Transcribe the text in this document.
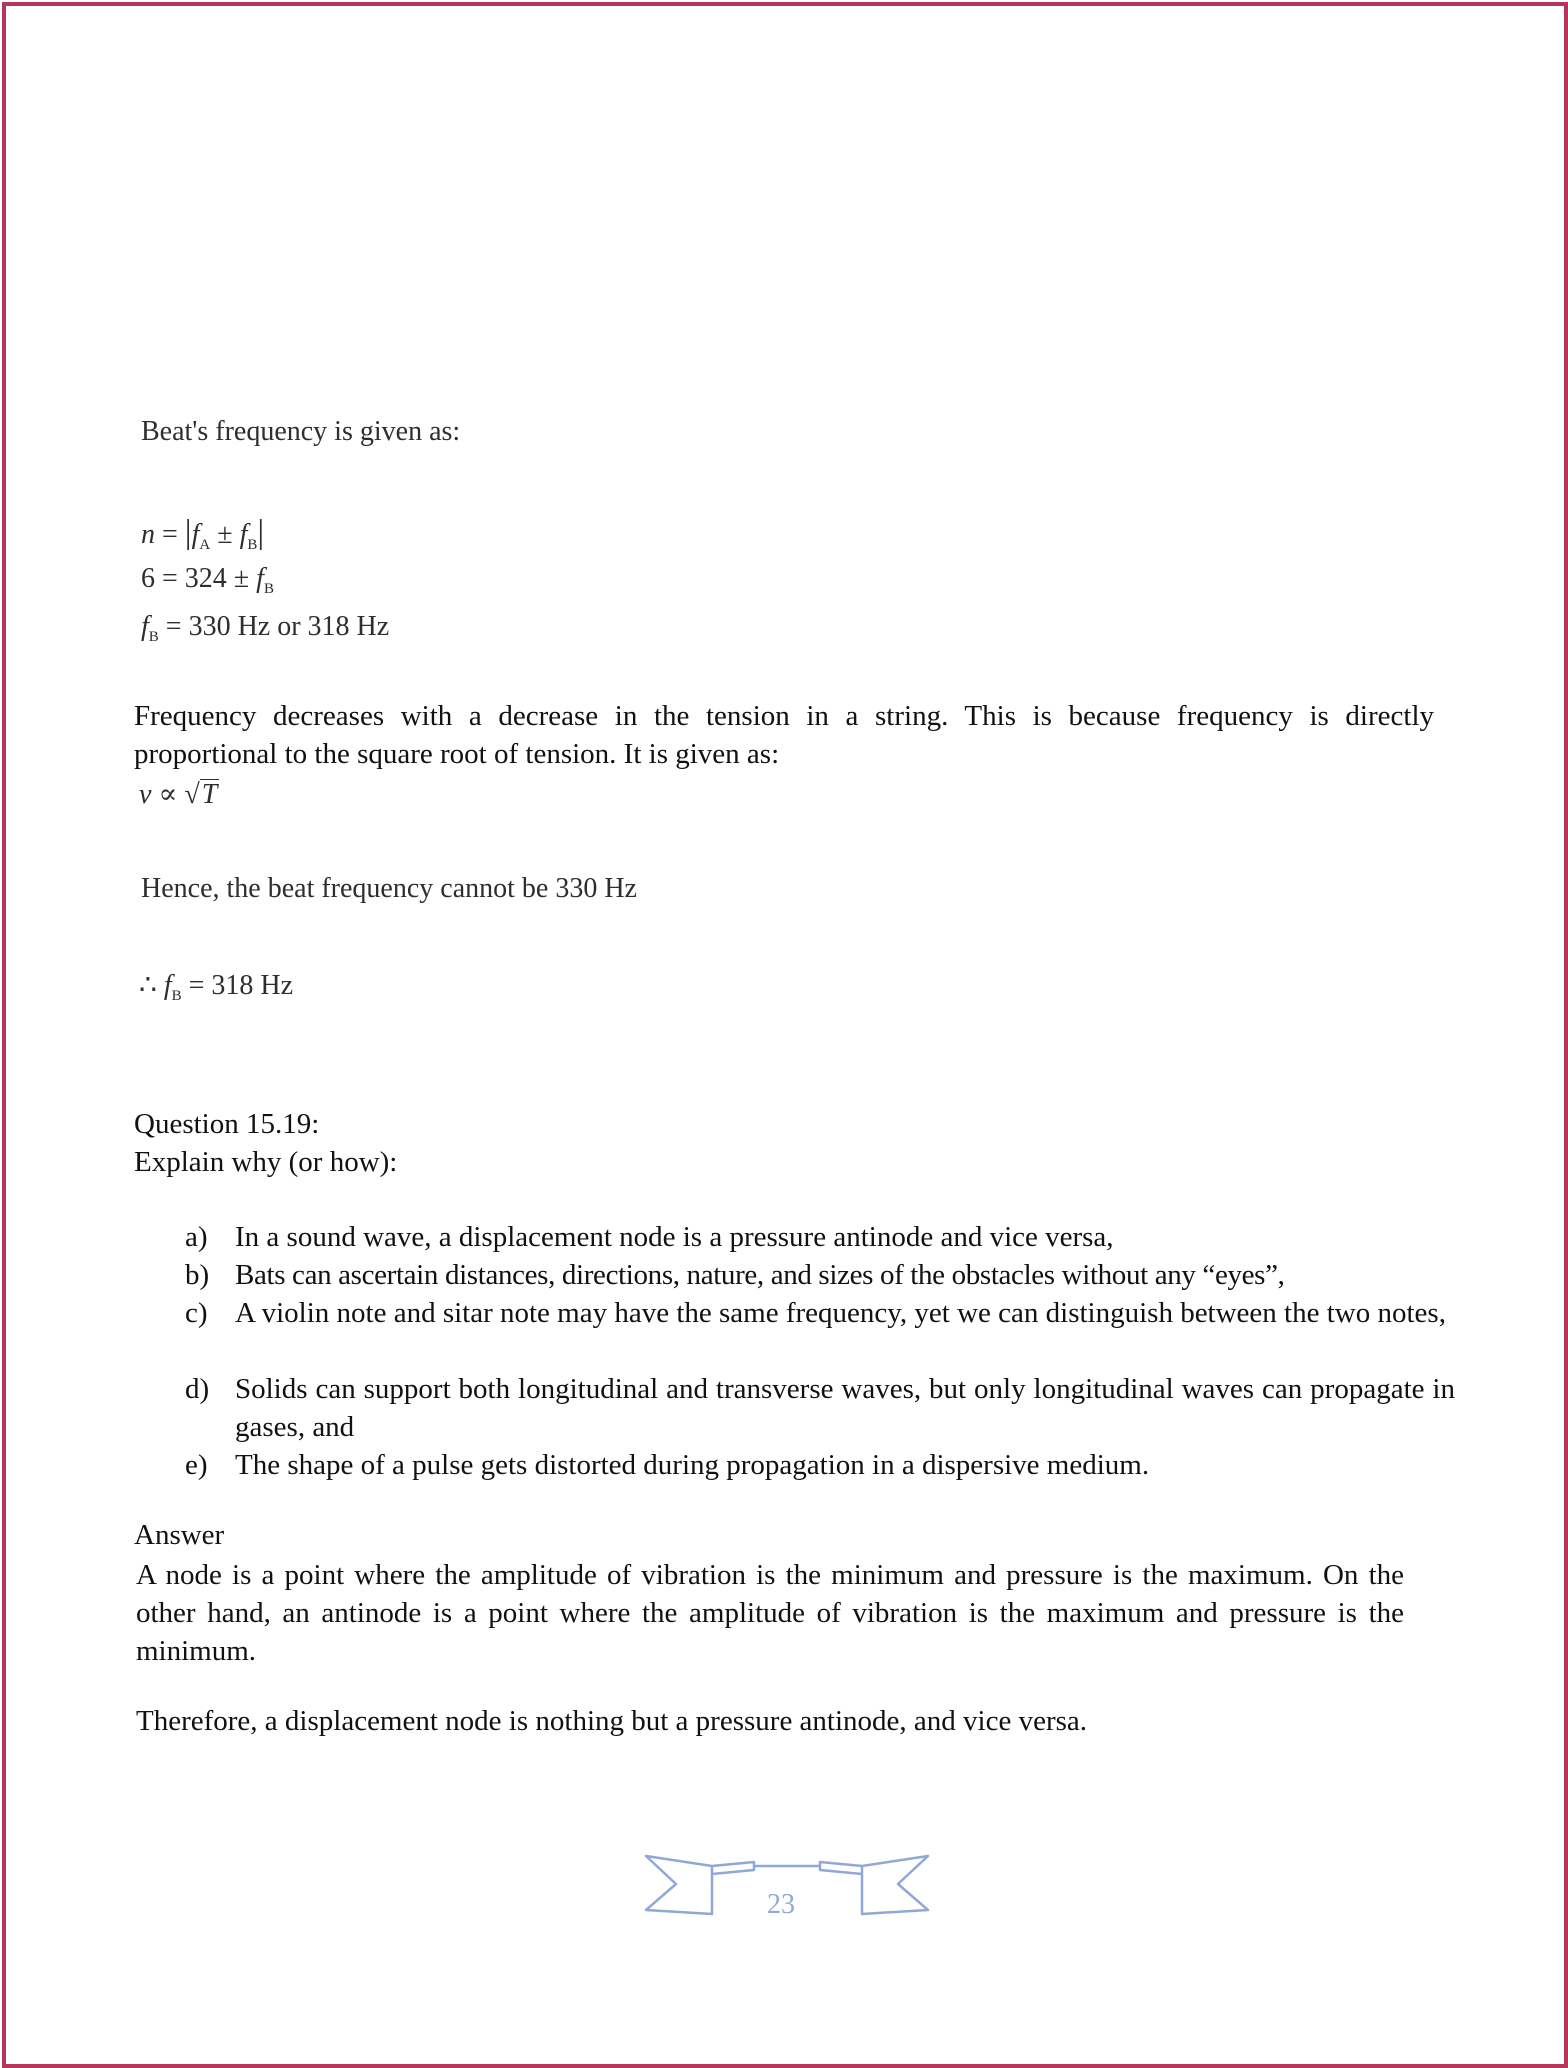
Beat's frequency is given as:
$n = |f_A \pm f_B|$
$6 = 324 \pm f_B$
$f_B = 330$ Hz or 318 Hz
Frequency decreases with a decrease in the tension in a string. This is because frequency is directly proportional to the square root of tension. It is given as:
ν ∝ √T
Hence, the beat frequency cannot be 330 Hz
∴ $f_B = 318$ Hz
Question 15.19:
Explain why (or how):
a) In a sound wave, a displacement node is a pressure antinode and vice versa,
b) Bats can ascertain distances, directions, nature, and sizes of the obstacles without any “eyes”,
c) A violin note and sitar note may have the same frequency, yet we can distinguish between the two notes,
d) Solids can support both longitudinal and transverse waves, but only longitudinal waves can propagate in gases, and
e) The shape of a pulse gets distorted during propagation in a dispersive medium.
Answer
A node is a point where the amplitude of vibration is the minimum and pressure is the maximum. On the other hand, an antinode is a point where the amplitude of vibration is the maximum and pressure is the minimum.
Therefore, a displacement node is nothing but a pressure antinode, and vice versa.
23
